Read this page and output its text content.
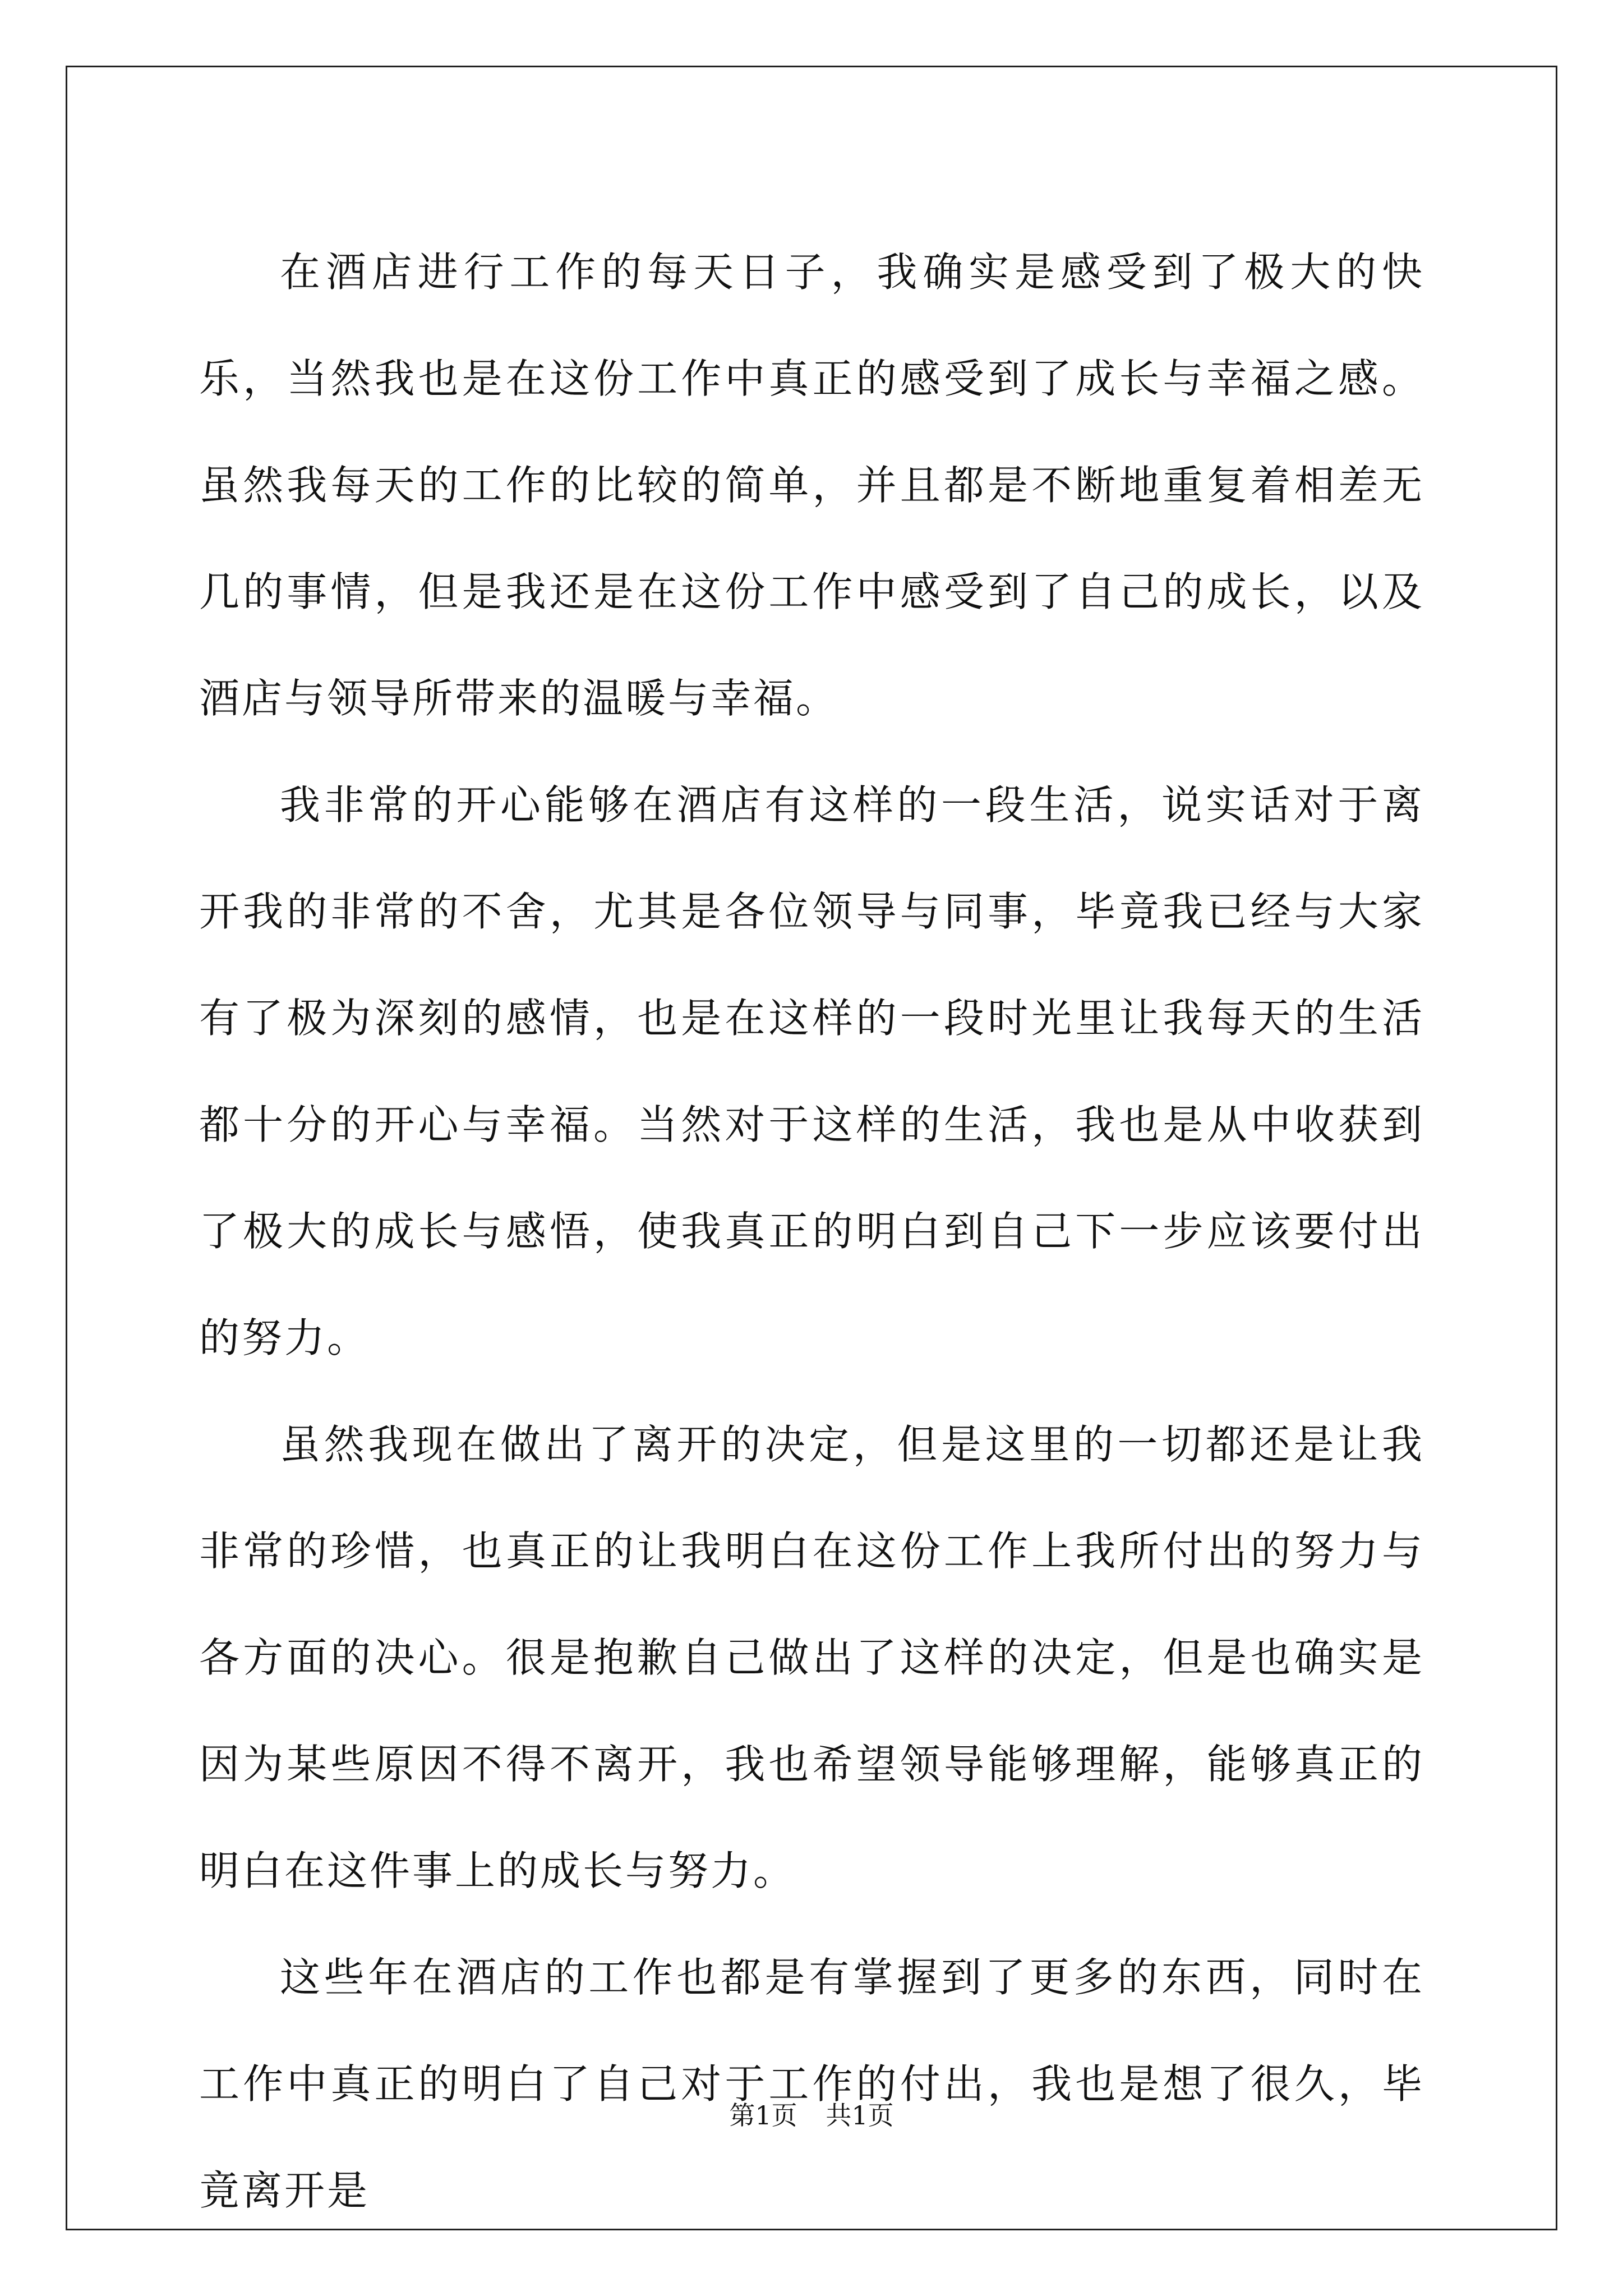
在酒店进行工作的每天日子，我确实是感受到了极大的快乐，当然我也是在这份工作中真正的感受到了成长与幸福之感。虽然我每天的工作的比较的简单，并且都是不断地重复着相差无几的事情，但是我还是在这份工作中感受到了自己的成长，以及酒店与领导所带来的温暖与幸福。

我非常的开心能够在酒店有这样的一段生活，说实话对于离开我的非常的不舍，尤其是各位领导与同事，毕竟我已经与大家有了极为深刻的感情，也是在这样的一段时光里让我每天的生活都十分的开心与幸福。当然对于这样的生活，我也是从中收获到了极大的成长与感悟，使我真正的明白到自己下一步应该要付出的努力。

虽然我现在做出了离开的决定，但是这里的一切都还是让我非常的珍惜，也真正的让我明白在这份工作上我所付出的努力与各方面的决心。很是抱歉自己做出了这样的决定，但是也确实是因为某些原因不得不离开，我也希望领导能够理解，能够真正的明白在这件事上的成长与努力。

这些年在酒店的工作也都是有掌握到了更多的东西，同时在工作中真正的明白了自己对于工作的付出，我也是想了很久，毕竟离开是

第1页 共1页
